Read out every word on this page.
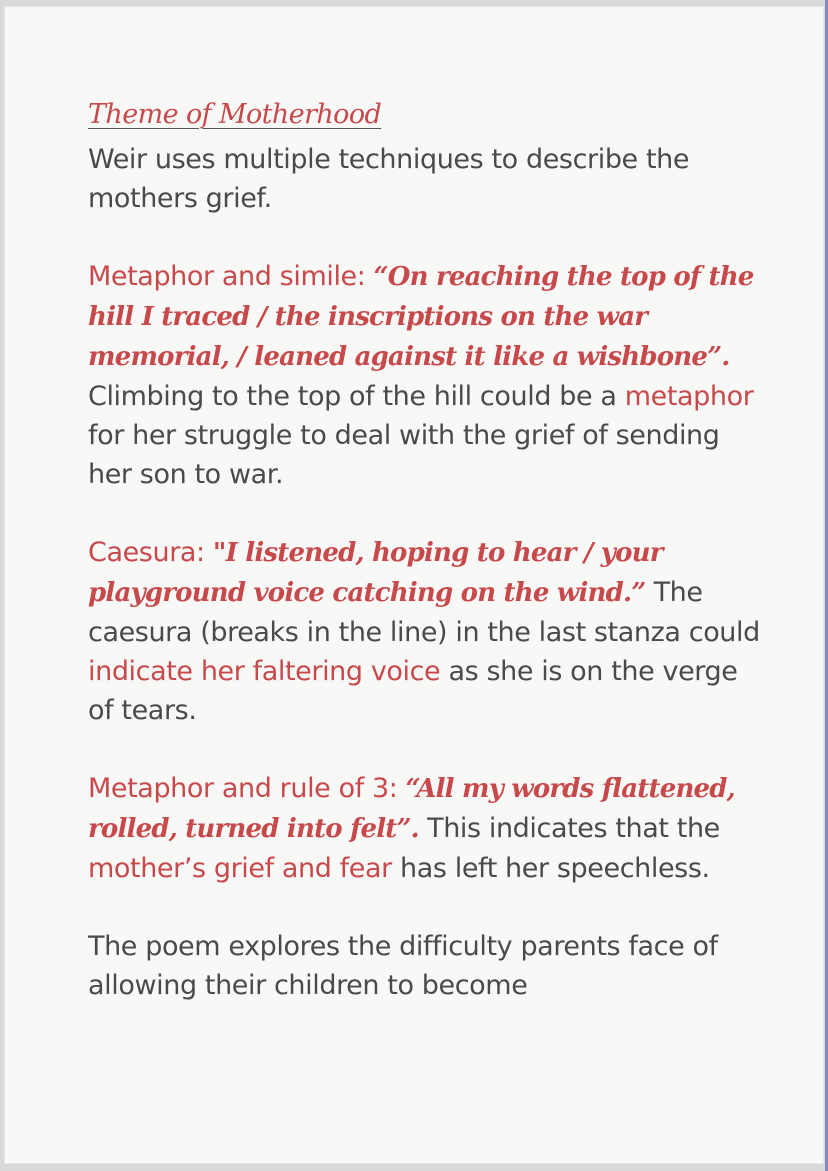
Theme of Motherhood

Weir uses multiple techniques to describe the mothers grief.

Metaphor and simile: “On reaching the top of the hill I traced / the inscriptions on the war memorial, / leaned against it like a wishbone”. Climbing to the top of the hill could be a metaphor for her struggle to deal with the grief of sending her son to war.

Caesura: "I listened, hoping to hear / your playground voice catching on the wind.” The caesura (breaks in the line) in the last stanza could indicate her faltering voice as she is on the verge of tears.

Metaphor and rule of 3: “All my words flattened, rolled, turned into felt”. This indicates that the mother’s grief and fear has left her speechless.

The poem explores the difficulty parents face of allowing their children to become
